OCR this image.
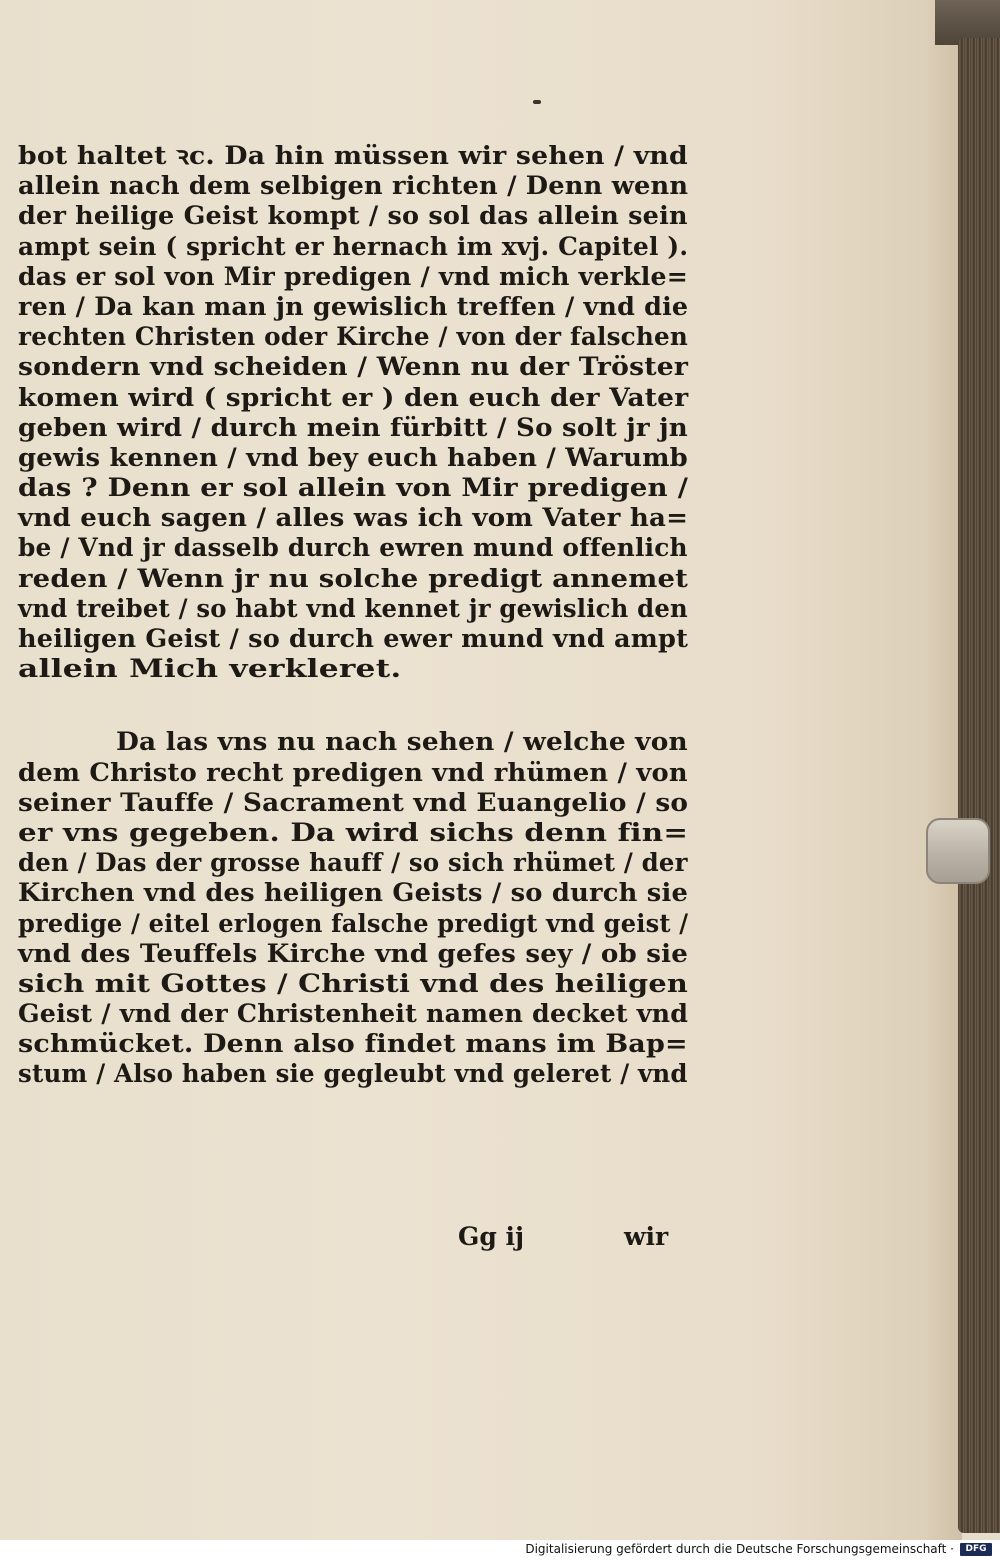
bot haltet ꝛc. Da hin müssen wir sehen / vnd
allein nach dem selbigen richten / Denn wenn
der heilige Geist kompt / so sol das allein sein
ampt sein ( spricht er hernach im xvj. Capitel ).
das er sol von Mir predigen / vnd mich verkle=
ren / Da kan man jn gewislich treffen / vnd die
rechten Christen oder Kirche / von der falschen
sondern vnd scheiden / Wenn nu der Tröster
komen wird ( spricht er ) den euch der Vater
geben wird / durch mein fürbitt / So solt jr jn
gewis kennen / vnd bey euch haben / Warumb
das ? Denn er sol allein von Mir predigen /
vnd euch sagen / alles was ich vom Vater ha=
be / Vnd jr dasselb durch ewren mund offenlich
reden / Wenn jr nu solche predigt annemet
vnd treibet / so habt vnd kennet jr gewislich den
heiligen Geist / so durch ewer mund vnd ampt
allein Mich verkleret.
Da las vns nu nach sehen / welche von
dem Christo recht predigen vnd rhümen / von
seiner Tauffe / Sacrament vnd Euangelio / so
er vns gegeben. Da wird sichs denn fin=
den / Das der grosse hauff / so sich rhümet / der
Kirchen vnd des heiligen Geists / so durch sie
predige / eitel erlogen falsche predigt vnd geist /
vnd des Teuffels Kirche vnd gefes sey / ob sie
sich mit Gottes / Christi vnd des heiligen
Geist / vnd der Christenheit namen decket vnd
schmücket. Denn also findet mans im Bap=
stum / Also haben sie gegleubt vnd geleret / vnd
Gg ij	wir
Digitalisierung gefördert durch die Deutsche Forschungsgemeinschaft ·	DFG
